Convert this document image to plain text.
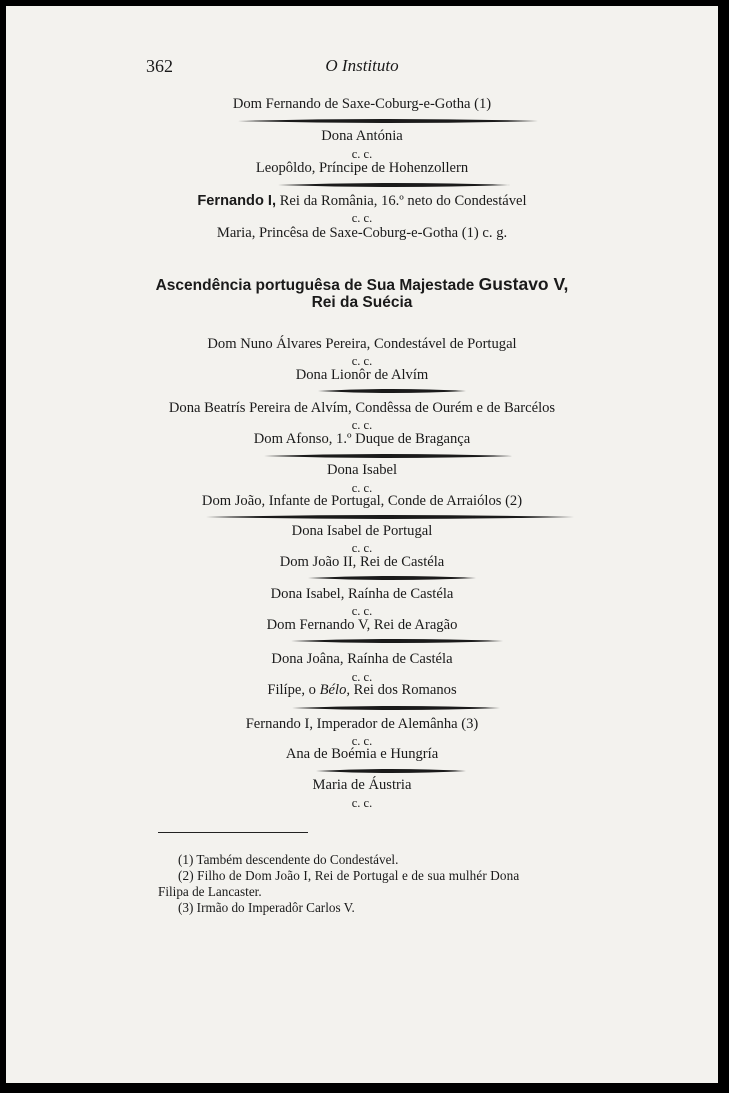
362	O Instituto
Dom Fernando de Saxe-Coburg-e-Gotha (1)
Dona Antónia
c. c.
Leopôldo, Príncipe de Hohenzollern
Fernando I, Rei da România, 16.º neto do Condestável
c. c.
Maria, Princêsa de Saxe-Coburg-e-Gotha (1) c. g.
Ascendência portuguêsa de Sua Majestade Gustavo V,
Rei da Suécia
Dom Nuno Álvares Pereira, Condestável de Portugal
c. c.
Dona Lionôr de Alvím
Dona Beatrís Pereira de Alvím, Condêssa de Ourém e de Barcélos
c. c.
Dom Afonso, 1.º Duque de Bragança
Dona Isabel
c. c.
Dom João, Infante de Portugal, Conde de Arraiólos (2)
Dona Isabel de Portugal
c. c.
Dom João II, Rei de Castéla
Dona Isabel, Raínha de Castéla
c. c.
Dom Fernando V, Rei de Aragão
Dona Joâna, Raínha de Castéla
c. c.
Filípe, o Bélo, Rei dos Romanos
Fernando I, Imperador de Alemânha (3)
c. c.
Ana de Boémia e Hungría
Maria de Áustria
c. c.
(1) Também descendente do Condestável.
(2) Filho de Dom João I, Rei de Portugal e de sua mulhér Dona
Filipa de Lancaster.
(3) Irmão do Imperadôr Carlos V.
